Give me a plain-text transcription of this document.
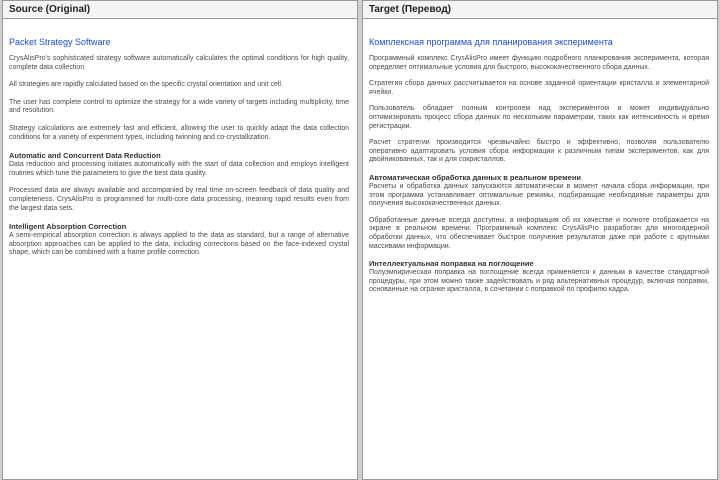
Source (Original)
Packet Strategy Software
CrysAlisPro's sophisticated strategy software automatically calculates the optimal conditions for high quality, complete data collection.
All strategies are rapidly calculated based on the specific crystal orientation and unit cell.
The user has complete control to optimize the strategy for a wide variety of targets including multiplicity, time and resolution.
Strategy calculations are extremely fast and efficient, allowing the user to quickly adapt the data collection conditions for a variety of experiment types, including twinning and co-crystallization.
Automatic and Concurrent Data Reduction
Data reduction and processing initiates automatically with the start of data collection and employs intelligent routines which tune the parameters to give the best data quality.
Processed data are always available and accompanied by real time on-screen feedback of data quality and completeness. CrysAlisPro is programmed for multi-core data processing, meaning rapid results even from the largest data sets.
Intelligent Absorption Correction
A semi-empirical absorption correction is always applied to the data as standard, but a range of alternative absorption approaches can be applied to the data, including corrections based on the face-indexed crystal shape, which can be combined with a frame profile correction.
Target (Перевод)
Комплексная программа для планирования эксперимента
Программный комплекс CrysAlisPro имеет функцию подробного планирования эксперимента, которая определяет оптимальные условия для быстрого, высококачественного сбора данных.
Стратегия сбора данных рассчитывается на основе заданной ориентации кристалла и элементарной ячейки.
Пользователь обладает полным контролем над экспериментом и может индивидуально оптимизировать процесс сбора данных по нескольким параметрам, таких как интенсивность и время регистрации.
Расчет стратегии производится чрезвычайно быстро и эффективно, позволяя пользователю оперативно адаптировать условия сбора информации к различным типам экспериментов, как для двойникованных, так и для сокристаллов.
Автоматическая обработка данных в реальном времени
Расчеты и обработка данных запускаются автоматически в момент начала сбора информации, при этом программа устанавливает оптимальные режимы, подбирающие необходимые параметры для получения высококачественных данных.
Обработанные данные всегда доступны, а информация об их качестве и полноте отображается на экране в реальном времени. Программный комплекс CrysAlisPro разработан для многоядерной обработки данных, что обеспечивает быстрое получение результатов даже при работе с крупными массивами информации.
Интеллектуальная поправка на поглощение
Полуэмпирическая поправка на поглощение всегда применяется к данным в качестве стандартной процедуры, при этом можно также задействовать и ряд альтернативных процедур, включая поправки, основанные на огранке кристалла, в сочетании с поправкой по профилю кадра.
